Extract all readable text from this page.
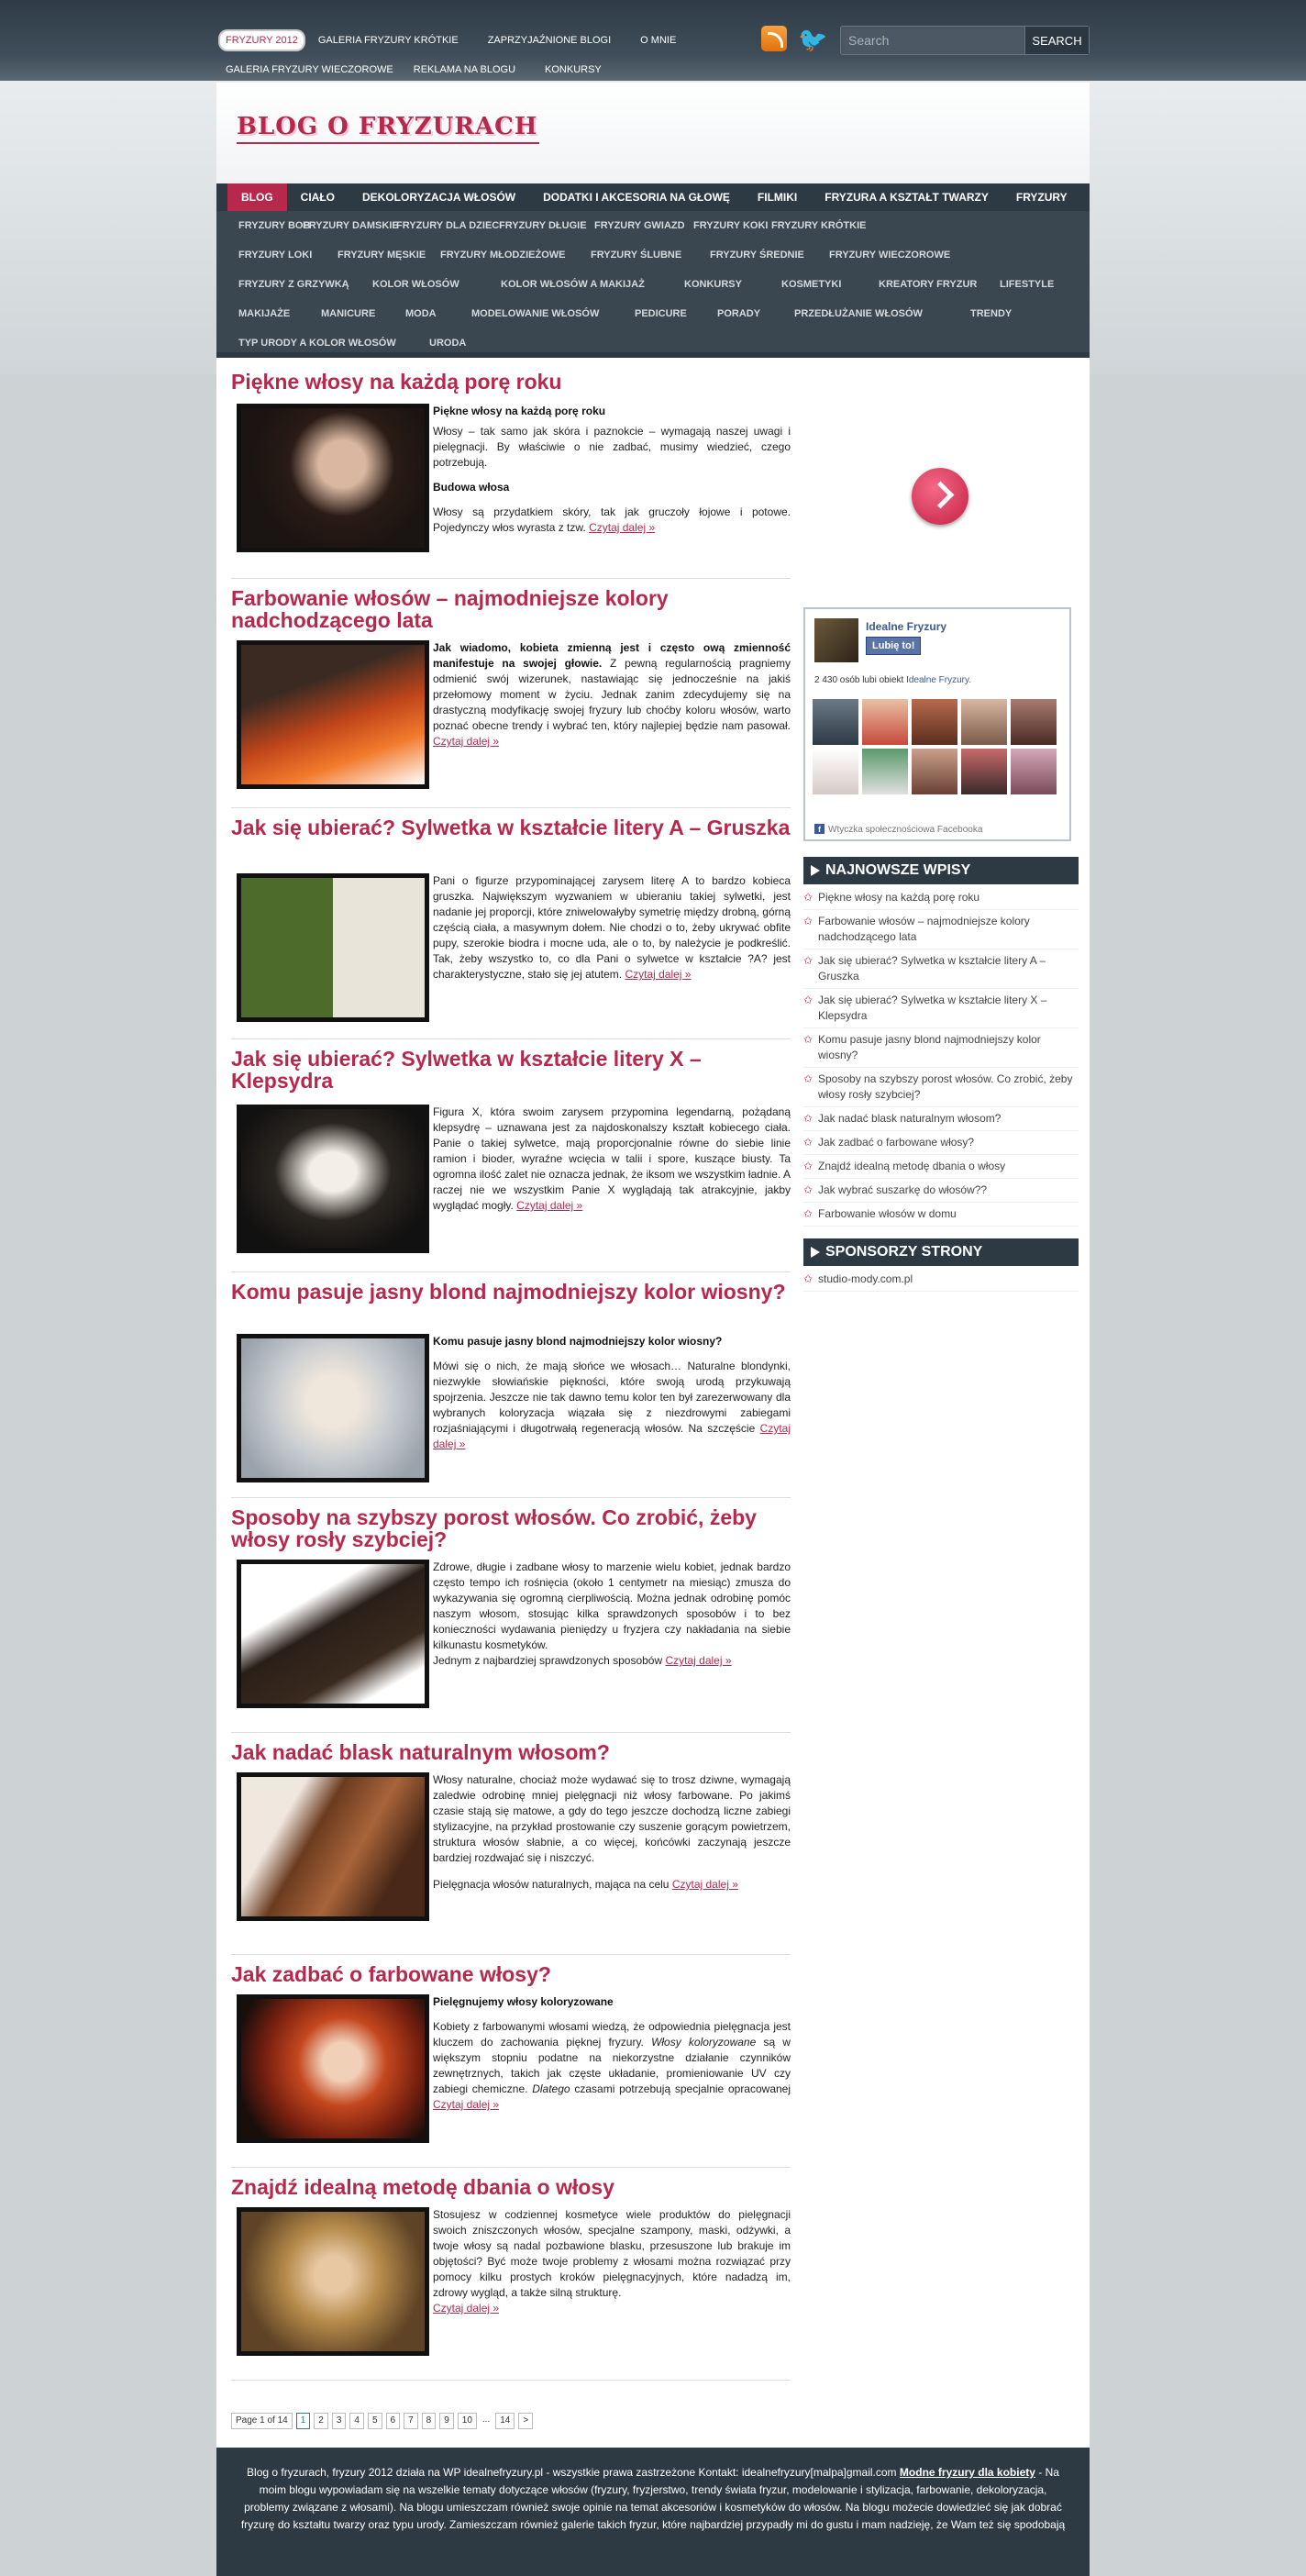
FRYZURY 2012 GALERIA FRYZURY KRÓTKIE	ZAPRZYJAŹNIONE BLOGI	O MNIE
GALERIA FRYZURY WIECZOROWE REKLAMA NA BLOGU	KONKURSY
🐦
Search	SEARCH
BLOG O FRYZURACH
BLOG	CIAŁO	DEKOLORYZACJA WŁOSÓW	DODATKI I AKCESORIA NA GŁOWĘ	FILMIKI	FRYZURA A KSZTAŁT TWARZY	FRYZURY
FRYZURY BOB
FRYZURY DAMSKIE
FRYZURY DLA DZIECI
FRYZURY DŁUGIE FRYZURY GWIAZD FRYZURY KOKI FRYZURY KRÓTKIE
FRYZURY LOKI	FRYZURY MĘSKIE	FRYZURY MŁODZIEŻOWE	FRYZURY ŚLUBNE	FRYZURY ŚREDNIE	FRYZURY WIECZOROWE
FRYZURY Z GRZYWKĄ	KOLOR WŁOSÓW	KOLOR WŁOSÓW A MAKIJAŻ	KONKURSY	KOSMETYKI	KREATORY FRYZUR	LIFESTYLE
MAKIJAŻE	MANICURE	MODA	MODELOWANIE WŁOSÓW	PEDICURE	PORADY	PRZEDŁUŻANIE WŁOSÓW	TRENDY
TYP URODY A KOLOR WŁOSÓW	URODA
Piękne włosy na każdą porę roku

Piękne włosy na każdą porę roku

Włosy – tak samo jak skóra i paznokcie – wymagają naszej uwagi i pielęgnacji. By właściwie o nie zadbać, musimy wiedzieć, czego potrzebują.

Budowa włosa

Włosy są przydatkiem skóry, tak jak gruczoły łojowe i potowe. Pojedynczy włos wyrasta z tzw. Czytaj dalej »

Farbowanie włosów – najmodniejsze kolory nadchodzącego lata

Jak wiadomo, kobieta zmienną jest i często ową zmienność manifestuje na swojej głowie. Z pewną regularnością pragniemy odmienić swój wizerunek, nastawiając się jednocześnie na jakiś przełomowy moment w życiu. Jednak zanim zdecydujemy się na drastyczną modyfikację swojej fryzury lub choćby koloru włosów, warto poznać obecne trendy i wybrać ten, który najlepiej będzie nam pasował. Czytaj dalej »

Jak się ubierać? Sylwetka w kształcie litery A – Gruszka

Pani o figurze przypominającej zarysem literę A to bardzo kobieca gruszka. Największym wyzwaniem w ubieraniu takiej sylwetki, jest nadanie jej proporcji, które zniwelowałyby symetrię między drobną, górną częścią ciała, a masywnym dołem. Nie chodzi o to, żeby ukrywać obfite pupy, szerokie biodra i mocne uda, ale o to, by należycie je podkreślić. Tak, żeby wszystko to, co dla Pani o sylwetce w kształcie ?A? jest charakterystyczne, stało się jej atutem. Czytaj dalej »

Jak się ubierać? Sylwetka w kształcie litery X – Klepsydra

Figura X, która swoim zarysem przypomina legendarną, pożądaną klepsydrę – uznawana jest za najdoskonalszy kształt kobiecego ciała. Panie o takiej sylwetce, mają proporcjonalnie równe do siebie linie ramion i bioder, wyraźne wcięcia w talii i spore, kuszące biusty. Ta ogromna ilość zalet nie oznacza jednak, że iksom we wszystkim ładnie. A raczej nie we wszystkim Panie X wyglądają tak atrakcyjnie, jakby wyglądać mogły. Czytaj dalej »

Komu pasuje jasny blond najmodniejszy kolor wiosny?

Komu pasuje jasny blond najmodniejszy kolor wiosny?

Mówi się o nich, że mają słońce we włosach… Naturalne blondynki, niezwykłe słowiańskie piękności, które swoją urodą przykuwają spojrzenia. Jeszcze nie tak dawno temu kolor ten był zarezerwowany dla wybranych koloryzacja wiązała się z niezdrowymi zabiegami rozjaśniającymi i długotrwałą regeneracją włosów. Na szczęście Czytaj dalej »

Sposoby na szybszy porost włosów. Co zrobić, żeby włosy rosły szybciej?

Zdrowe, długie i zadbane włosy to marzenie wielu kobiet, jednak bardzo często tempo ich rośnięcia (około 1 centymetr na miesiąc) zmusza do wykazywania się ogromną cierpliwością. Można jednak odrobinę pomóc naszym włosom, stosując kilka sprawdzonych sposobów i to bez konieczności wydawania pieniędzy u fryzjera czy nakładania na siebie kilkunastu kosmetyków.

Jednym z najbardziej sprawdzonych sposobów Czytaj dalej »

Jak nadać blask naturalnym włosom?

Włosy naturalne, chociaż może wydawać się to trosz dziwne, wymagają zaledwie odrobinę mniej pielęgnacji niż włosy farbowane. Po jakimś czasie stają się matowe, a gdy do tego jeszcze dochodzą liczne zabiegi stylizacyjne, na przykład prostowanie czy suszenie gorącym powietrzem, struktura włosów słabnie, a co więcej, końcówki zaczynają jeszcze bardziej rozdwajać się i niszczyć.

Pielęgnacja włosów naturalnych, mająca na celu Czytaj dalej »

Jak zadbać o farbowane włosy?

Pielęgnujemy włosy koloryzowane

Kobiety z farbowanymi włosami wiedzą, że odpowiednia pielęgnacja jest kluczem do zachowania pięknej fryzury. Włosy koloryzowane są w większym stopniu podatne na niekorzystne działanie czynników zewnętrznych, takich jak częste układanie, promieniowanie UV czy zabiegi chemiczne. Dlatego czasami potrzebują specjalnie opracowanej Czytaj dalej »

Znajdź idealną metodę dbania o włosy

Stosujesz w codziennej kosmetyce wiele produktów do pielęgnacji swoich zniszczonych włosów, specjalne szampony, maski, odżywki, a twoje włosy są nadal pozbawione blasku, przesuszone lub brakuje im objętości? Być może twoje problemy z włosami można rozwiązać przy pomocy kilku prostych kroków pielęgnacyjnych, które nadadzą im, zdrowy wygląd, a także silną strukturę.

Czytaj dalej »

Page 1 of 14	1	2	3	4	5	6	7	8	9	10	...	14	>
Idealne Fryzury
Lubię to!
2 430 osób lubi obiekt Idealne Fryzury.
f Wtyczka społecznościowa Facebooka
NAJNOWSZE WPISY
✩ Piękne włosy na każdą porę roku
✩ Farbowanie włosów – najmodniejsze kolory nadchodzącego lata
✩ Jak się ubierać? Sylwetka w kształcie litery A – Gruszka
✩ Jak się ubierać? Sylwetka w kształcie litery X – Klepsydra
✩ Komu pasuje jasny blond najmodniejszy kolor wiosny?
✩ Sposoby na szybszy porost włosów. Co zrobić, żeby włosy rosły szybciej?
✩ Jak nadać blask naturalnym włosom?
✩ Jak zadbać o farbowane włosy?
✩ Znajdź idealną metodę dbania o włosy
✩ Jak wybrać suszarkę do włosów??
✩ Farbowanie włosów w domu
SPONSORZY STRONY
✩ studio-mody.com.pl
Blog o fryzurach, fryzury 2012 działa na WP idealnefryzury.pl - wszystkie prawa zastrzeżone Kontakt: idealnefryzury[malpa]gmail.com Modne fryzury dla kobiety - Na moim blogu wypowiadam się na wszelkie tematy dotyczące włosów (fryzury, fryzjerstwo, trendy świata fryzur, modelowanie i stylizacja, farbowanie, dekoloryzacja, problemy związane z włosami). Na blogu umieszczam również swoje opinie na temat akcesoriów i kosmetyków do włosów. Na blogu możecie dowiedzieć się jak dobrać fryzurę do kształtu twarzy oraz typu urody. Zamieszczam również galerie takich fryzur, które najbardziej przypadły mi do gustu i mam nadzieję, że Wam też się spodobają
